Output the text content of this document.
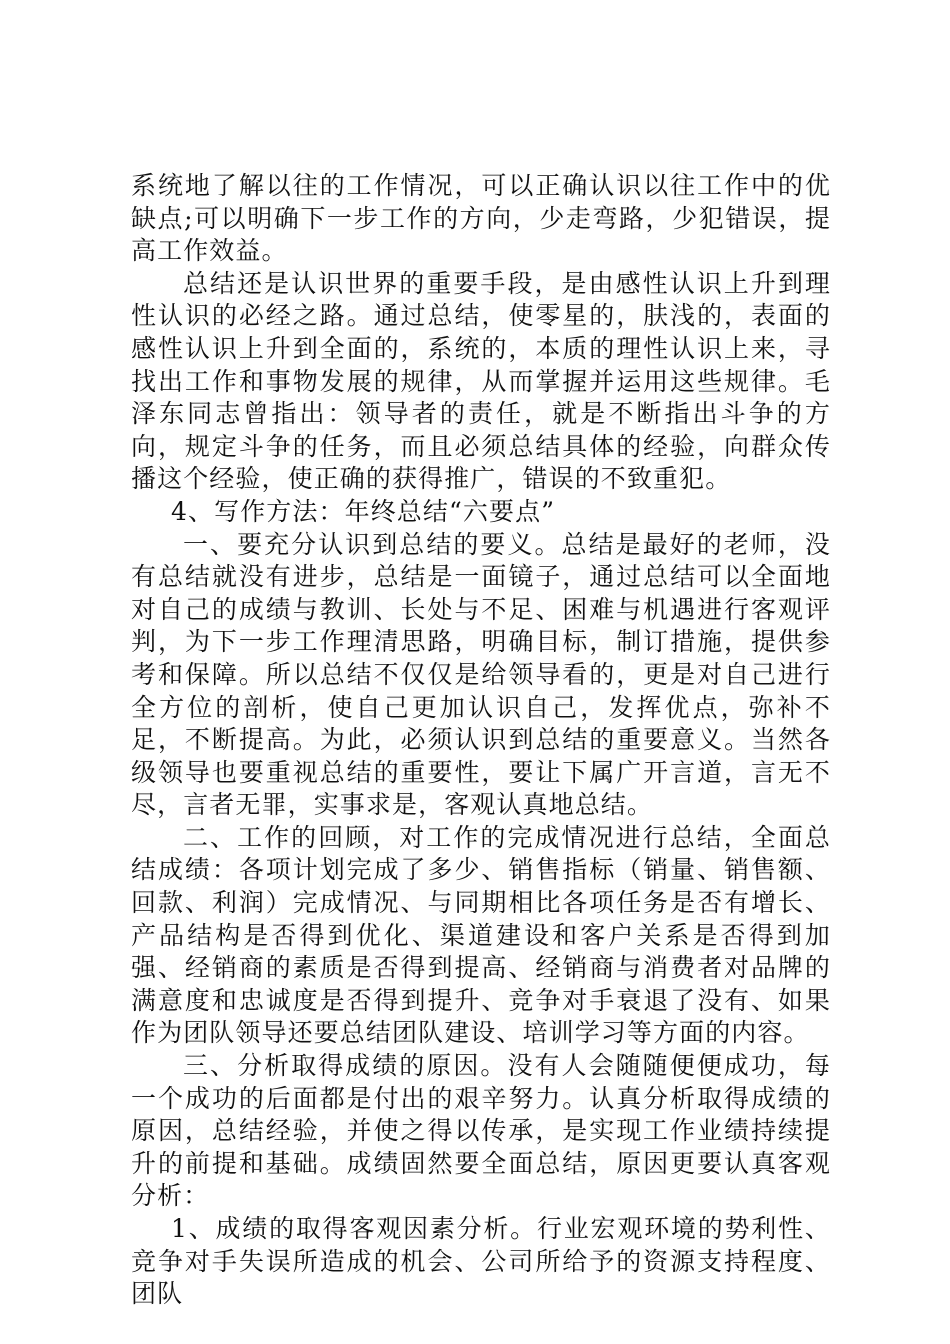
系统地了解以往的工作情况，可以正确认识以往工作中的优缺点;可以明确下一步工作的方向，少走弯路，少犯错误，提高工作效益。

总结还是认识世界的重要手段，是由感性认识上升到理性认识的必经之路。通过总结，使零星的，肤浅的，表面的感性认识上升到全面的，系统的，本质的理性认识上来，寻找出工作和事物发展的规律，从而掌握并运用这些规律。毛泽东同志曾指出：领导者的责任，就是不断指出斗争的方向，规定斗争的任务，而且必须总结具体的经验，向群众传播这个经验，使正确的获得推广，错误的不致重犯。

4、写作方法：年终总结“六要点”

一、要充分认识到总结的要义。总结是最好的老师，没有总结就没有进步，总结是一面镜子，通过总结可以全面地对自己的成绩与教训、长处与不足、困难与机遇进行客观评判，为下一步工作理清思路，明确目标，制订措施，提供参考和保障。所以总结不仅仅是给领导看的，更是对自己进行全方位的剖析，使自己更加认识自己，发挥优点，弥补不足，不断提高。为此，必须认识到总结的重要意义。当然各级领导也要重视总结的重要性，要让下属广开言道，言无不尽，言者无罪，实事求是，客观认真地总结。

二、工作的回顾，对工作的完成情况进行总结，全面总结成绩：各项计划完成了多少、销售指标（销量、销售额、回款、利润）完成情况、与同期相比各项任务是否有增长、产品结构是否得到优化、渠道建设和客户关系是否得到加强、经销商的素质是否得到提高、经销商与消费者对品牌的满意度和忠诚度是否得到提升、竞争对手衰退了没有、如果作为团队领导还要总结团队建设、培训学习等方面的内容。

三、分析取得成绩的原因。没有人会随随便便成功，每一个成功的后面都是付出的艰辛努力。认真分析取得成绩的原因，总结经验，并使之得以传承，是实现工作业绩持续提升的前提和基础。成绩固然要全面总结，原因更要认真客观分析：

1、成绩的取得客观因素分析。行业宏观环境的势利性、竞争对手失误所造成的机会、公司所给予的资源支持程度、团队
